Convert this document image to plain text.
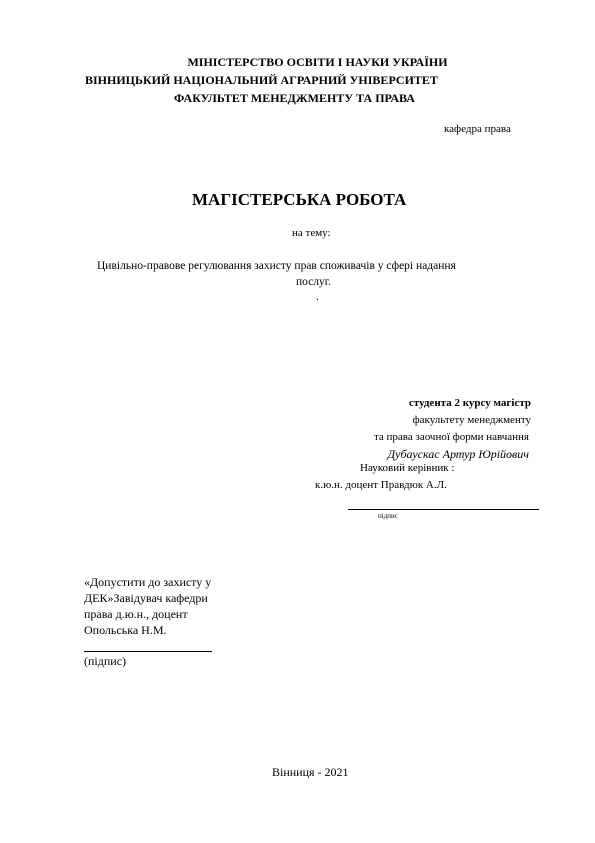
МІНІСТЕРСТВО ОСВІТИ І НАУКИ УКРАЇНИ
ВІННИЦЬКИЙ НАЦІОНАЛЬНИЙ АГРАРНИЙ УНІВЕРСИТЕТ
ФАКУЛЬТЕТ МЕНЕДЖМЕНТУ ТА ПРАВА
кафедра права
МАГІСТЕРСЬКА РОБОТА
на тему:
Цивільно-правове регулювання захисту прав споживачів у сфері надання
послуг.
.
студента 2 курсу магістр
факультету менеджменту
та права заочної форми навчання
Дубаускас Артур Юрійович
Науковий керівник :
к.ю.н. доцент Правдюк А.Л.
підпис
«Допустити до захисту у
ДЕК»Завідувач кафедри
права д.ю.н., доцент
Опольська Н.М.
(підпис)
Вінниця - 2021
